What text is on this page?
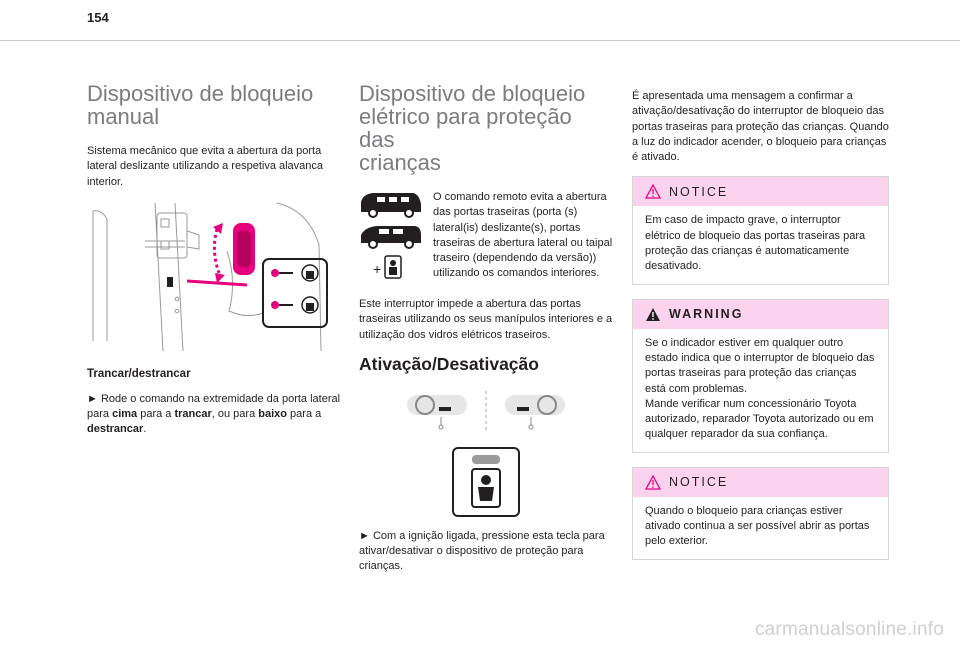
154
Dispositivo de bloqueio
manual

Sistema mecânico que evita a abertura da porta lateral deslizante utilizando a respetiva alavanca interior.

Trancar/destrancar

► Rode o comando na extremidade da porta lateral para cima para a trancar, ou para baixo para a destrancar.

Dispositivo de bloqueio
elétrico para proteção das
crianças

+

O comando remoto evita a abertura das portas traseiras (porta (s) lateral(is) deslizante(s), portas traseiras de abertura lateral ou taipal traseiro (dependendo da versão)) utilizando os comandos interiores.

Este interruptor impede a abertura das portas traseiras utilizando os seus manípulos interiores e a utilização dos vidros elétricos traseiros.

Ativação/Desativação

► Com a ignição ligada, pressione esta tecla para ativar/desativar o dispositivo de proteção para crianças.

É apresentada uma mensagem a confirmar a ativação/desativação do interruptor de bloqueio das portas traseiras para proteção das crianças. Quando a luz do indicador acender, o bloqueio para crianças é ativado.

NOTICE

Em caso de impacto grave, o interruptor elétrico de bloqueio das portas traseiras para proteção das crianças é automaticamente desativado.

WARNING

Se o indicador estiver em qualquer outro estado indica que o interruptor de bloqueio das portas traseiras para proteção das crianças está com problemas.
Mande verificar num concessionário Toyota autorizado, reparador Toyota autorizado ou em qualquer reparador da sua confiança.

NOTICE

Quando o bloqueio para crianças estiver ativado continua a ser possível abrir as portas pelo exterior.

carmanualsonline.info
